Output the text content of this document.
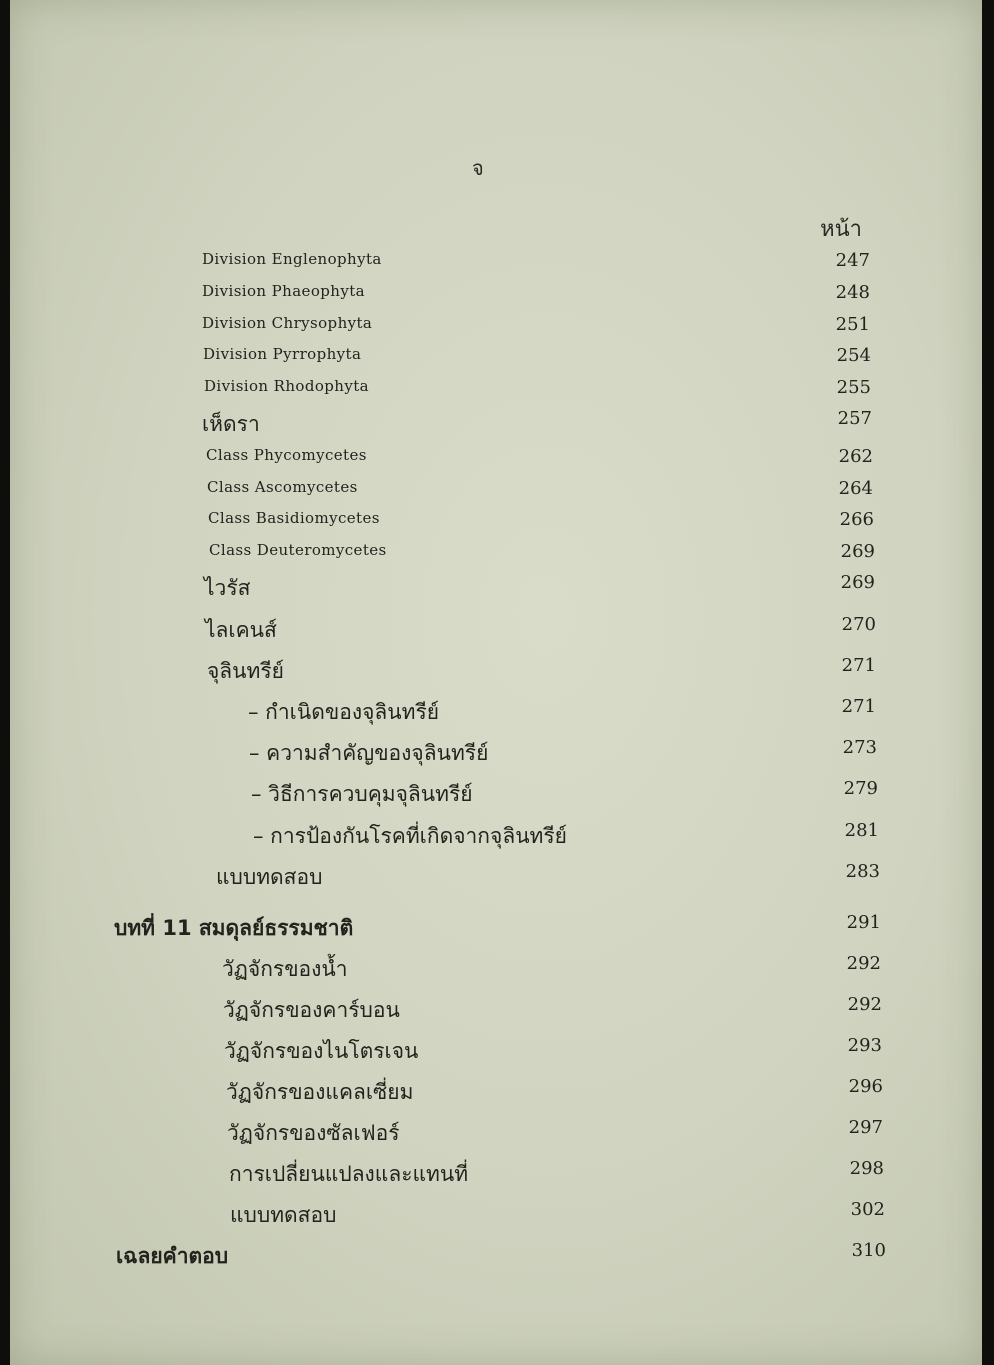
จ
หน้า
Division Englenophyta	247
Division Phaeophyta	248
Division Chrysophyta	251
Division Pyrrophyta	254
Division Rhodophyta	255
เห็ดรา	257
Class Phycomycetes	262
Class Ascomycetes	264
Class Basidiomycetes	266
Class Deuteromycetes	269
ไวรัส	269
ไลเคนส์	270
จุลินทรีย์	271
– กำเนิดของจุลินทรีย์	271
– ความสำคัญของจุลินทรีย์	273
– วิธีการควบคุมจุลินทรีย์	279
– การป้องกันโรคที่เกิดจากจุลินทรีย์	281
แบบทดสอบ	283
บทที่ 11 สมดุลย์ธรรมชาติ	291
วัฏจักรของน้ำ	292
วัฏจักรของคาร์บอน	292
วัฏจักรของไนโตรเจน	293
วัฏจักรของแคลเซี่ยม	296
วัฏจักรของซัลเฟอร์	297
การเปลี่ยนแปลงและแทนที่	298
แบบทดสอบ	302
เฉลยคำตอบ	310
